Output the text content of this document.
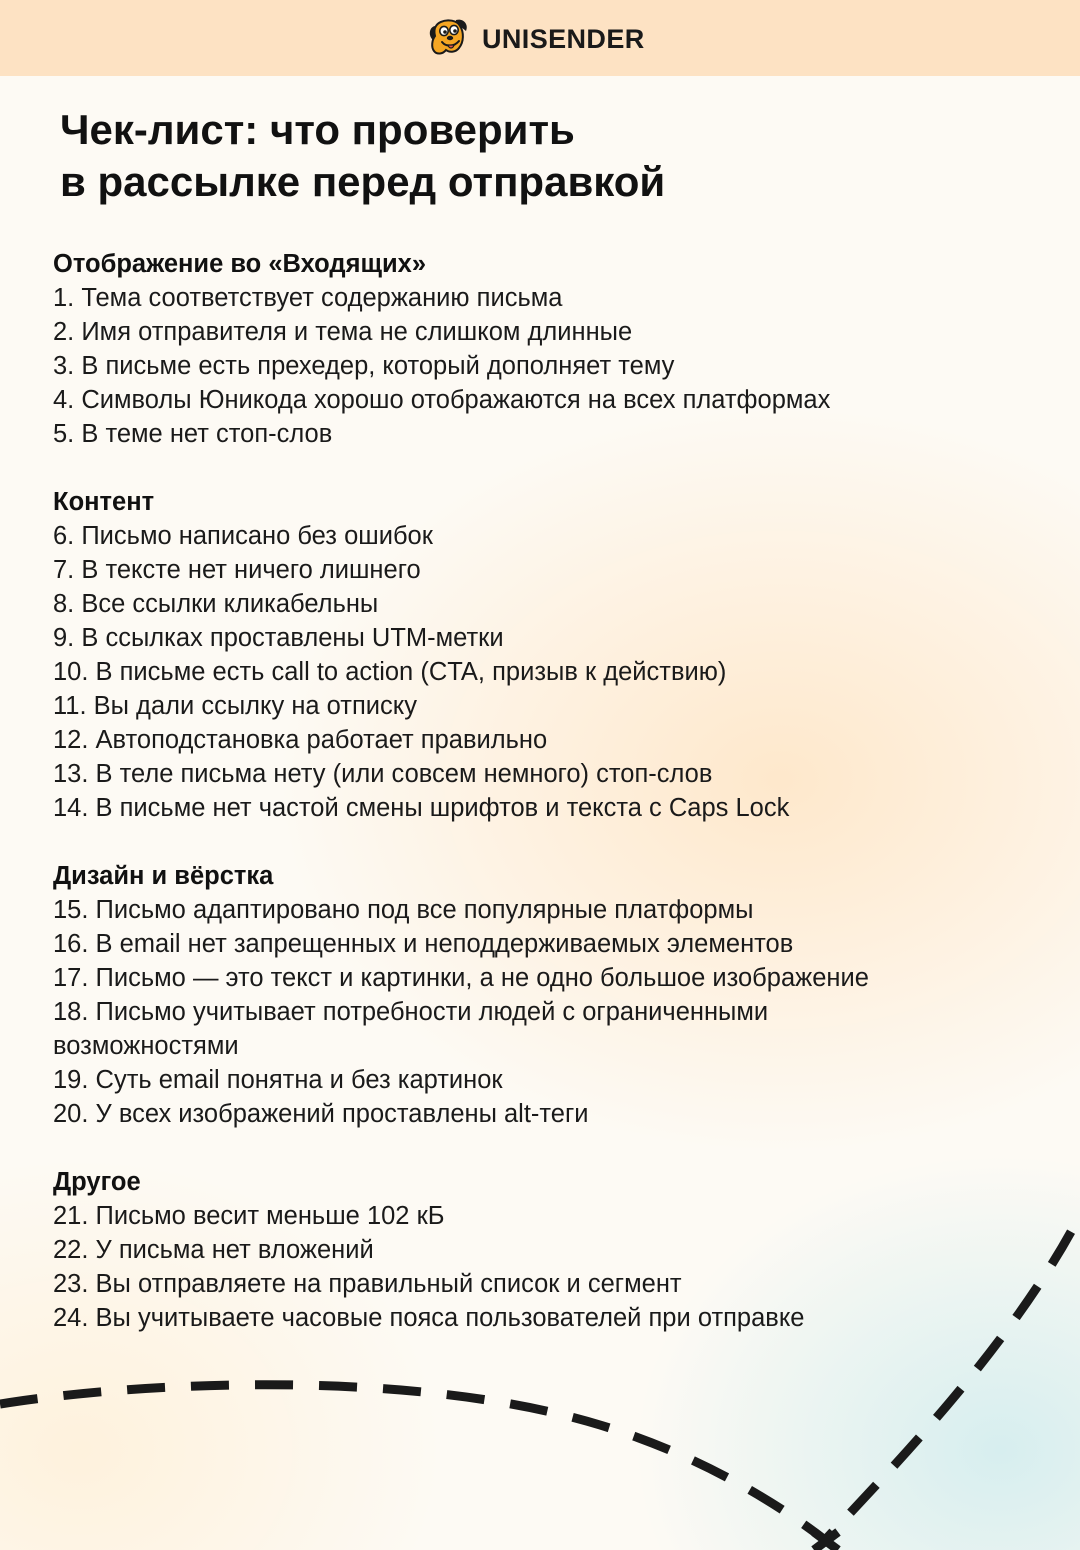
UNISENDER
Чек-лист: что проверить
в рассылке перед отправкой
Отображение во «Входящих»
1. Тема соответствует содержанию письма
2. Имя отправителя и тема не слишком длинные
3. В письме есть прехедер, который дополняет тему
4. Символы Юникода хорошо отображаются на всех платформах
5. В теме нет стоп-слов
Контент
6. Письмо написано без ошибок
7. В тексте нет ничего лишнего
8. Все ссылки кликабельны
9. В ссылках проставлены UTM-метки
10. В письме есть call to action (CTA, призыв к действию)
11. Вы дали ссылку на отписку
12. Автоподстановка работает правильно
13. В теле письма нету (или совсем немного) стоп-слов
14. В письме нет частой смены шрифтов и текста с Caps Lock
Дизайн и вёрстка
15. Письмо адаптировано под все популярные платформы
16. В email нет запрещенных и неподдерживаемых элементов
17. Письмо — это текст и картинки, а не одно большое изображение
18. Письмо учитывает потребности людей с ограниченными возможностями
19. Суть email понятна и без картинок
20. У всех изображений проставлены alt-теги
Другое
21. Письмо весит меньше 102 кБ
22. У письма нет вложений
23. Вы отправляете на правильный список и сегмент
24. Вы учитываете часовые пояса пользователей при отправке
